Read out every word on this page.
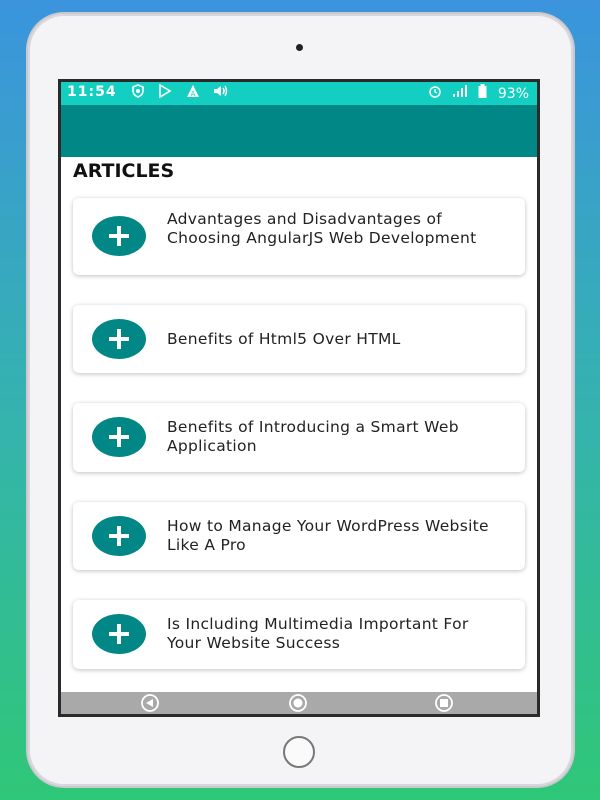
11:54
	A
	93%
ARTICLES
Advantages and Disadvantages of Choosing AngularJS Web Development
Benefits of Html5 Over HTML
Benefits of Introducing a Smart Web Application
How to Manage Your WordPress Website Like A Pro
Is Including Multimedia Important For Your Website Success
